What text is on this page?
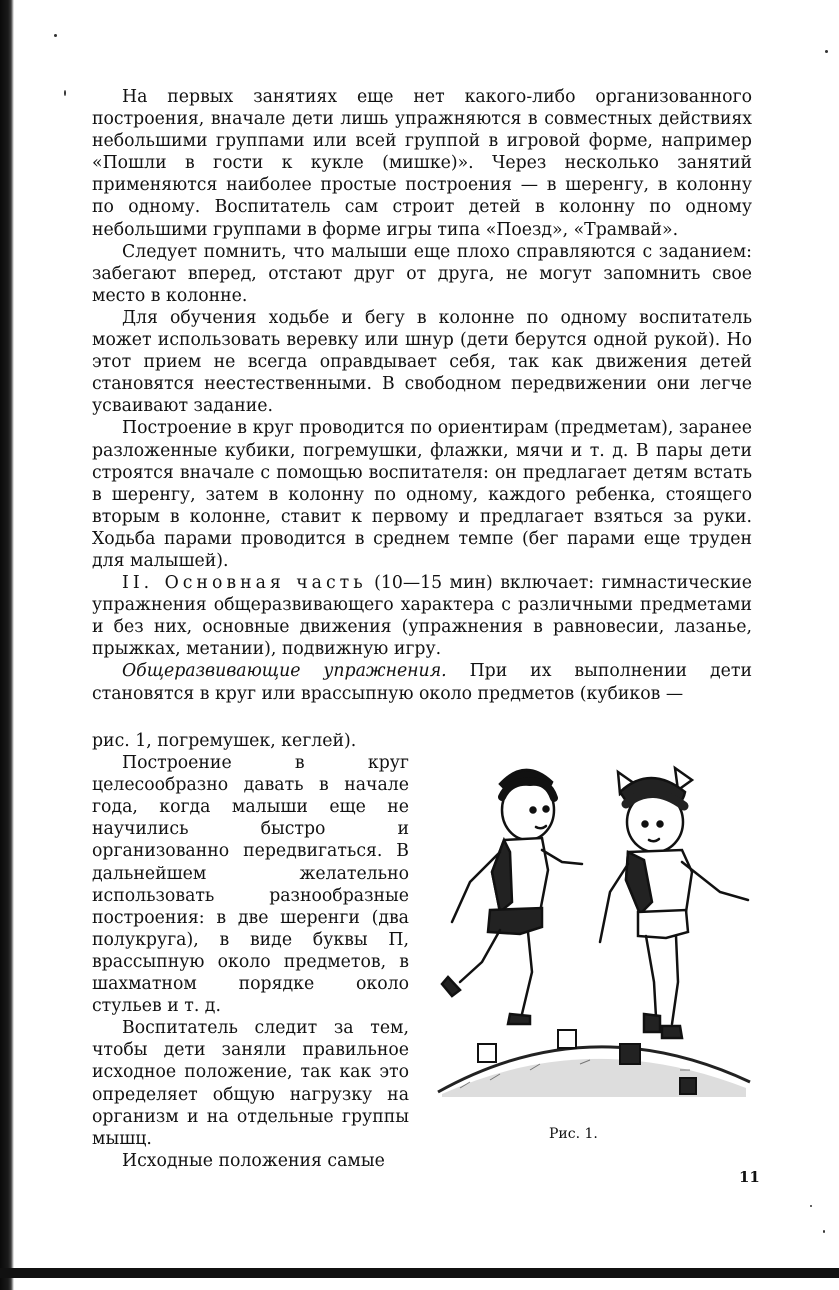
На первых занятиях еще нет какого-либо организованного построения, вначале дети лишь упражняются в совместных действиях небольшими группами или всей группой в игровой форме, например «Пошли в гости к кукле (мишке)». Через несколько занятий применяются наиболее простые построения — в шеренгу, в колонну по одному. Воспитатель сам строит детей в колонну по одному небольшими группами в форме игры типа «Поезд», «Трамвай».

Следует помнить, что малыши еще плохо справляются с заданием: забегают вперед, отстают друг от друга, не могут запомнить свое место в колонне.

Для обучения ходьбе и бегу в колонне по одному воспитатель может использовать веревку или шнур (дети берутся одной рукой). Но этот прием не всегда оправдывает себя, так как движения детей становятся неестественными. В свободном передвижении они легче усваивают задание.

Построение в круг проводится по ориентирам (предметам), заранее разложенные кубики, погремушки, флажки, мячи и т. д. В пары дети строятся вначале с помощью воспитателя: он предлагает детям встать в шеренгу, затем в колонну по одному, каждого ребенка, стоящего вторым в колонне, ставит к первому и предлагает взяться за руки. Ходьба парами проводится в среднем темпе (бег парами еще труден для малышей).

II. Основная часть (10—15 мин) включает: гимнастические упражнения общеразвивающего характера с различными предметами и без них, основные движения (упражнения в равновесии, лазанье, прыжках, метании), подвижную игру.

Общеразвивающие упражнения. При их выполнении дети становятся в круг или врассыпную около предметов (кубиков —

рис. 1, погремушек, кеглей).

Построение в круг целесообразно давать в начале года, когда малыши еще не научились быстро и организованно передвигаться. В дальнейшем желательно использовать разнообразные построения: в две шеренги (два полукруга), в виде буквы П, врассыпную около предметов, в шахматном порядке около стульев и т. д.

Воспитатель следит за тем, чтобы дети заняли правильное исходное положение, так как это определяет общую нагрузку на организм и на отдельные группы мышц.

Исходные положения самые

Рис. 1.
11
